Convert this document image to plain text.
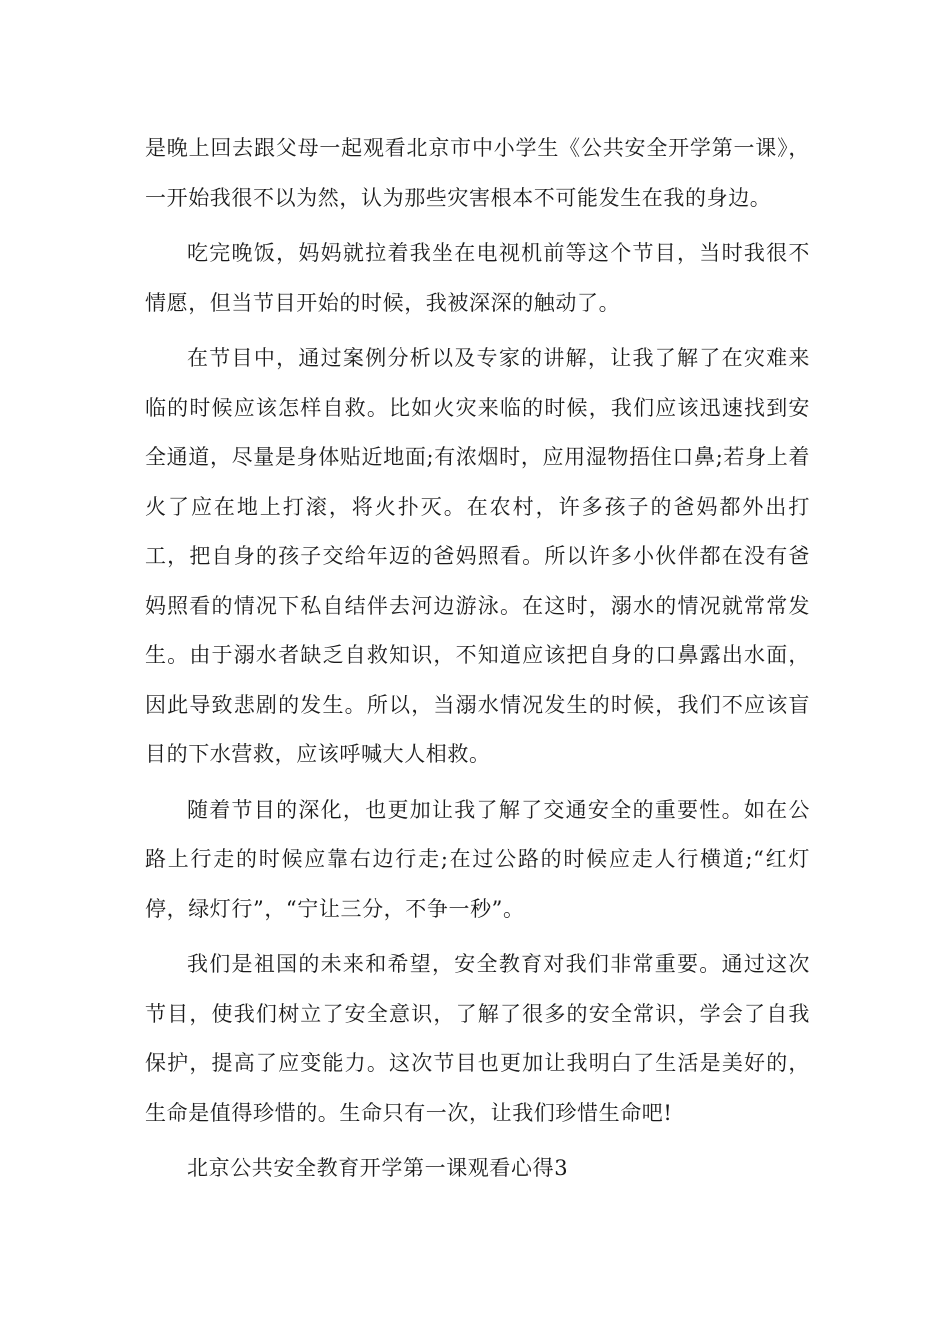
是晚上回去跟父母一起观看北京市中小学生《公共安全开学第一课》，一开始我很不以为然，认为那些灾害根本不可能发生在我的身边。

吃完晚饭，妈妈就拉着我坐在电视机前等这个节目，当时我很不情愿，但当节目开始的时候，我被深深的触动了。

在节目中，通过案例分析以及专家的讲解，让我了解了在灾难来临的时候应该怎样自救。比如火灾来临的时候，我们应该迅速找到安全通道，尽量是身体贴近地面;有浓烟时，应用湿物捂住口鼻;若身上着火了应在地上打滚，将火扑灭。在农村，许多孩子的爸妈都外出打工，把自身的孩子交给年迈的爸妈照看。所以许多小伙伴都在没有爸妈照看的情况下私自结伴去河边游泳。在这时，溺水的情况就常常发生。由于溺水者缺乏自救知识，不知道应该把自身的口鼻露出水面，因此导致悲剧的发生。所以，当溺水情况发生的时候，我们不应该盲目的下水营救，应该呼喊大人相救。

随着节目的深化，也更加让我了解了交通安全的重要性。如在公路上行走的时候应靠右边行走;在过公路的时候应走人行横道;“红灯停，绿灯行”，“宁让三分，不争一秒”。

我们是祖国的未来和希望，安全教育对我们非常重要。通过这次节目，使我们树立了安全意识，了解了很多的安全常识，学会了自我保护，提高了应变能力。这次节目也更加让我明白了生活是美好的，生命是值得珍惜的。生命只有一次，让我们珍惜生命吧!

北京公共安全教育开学第一课观看心得3
